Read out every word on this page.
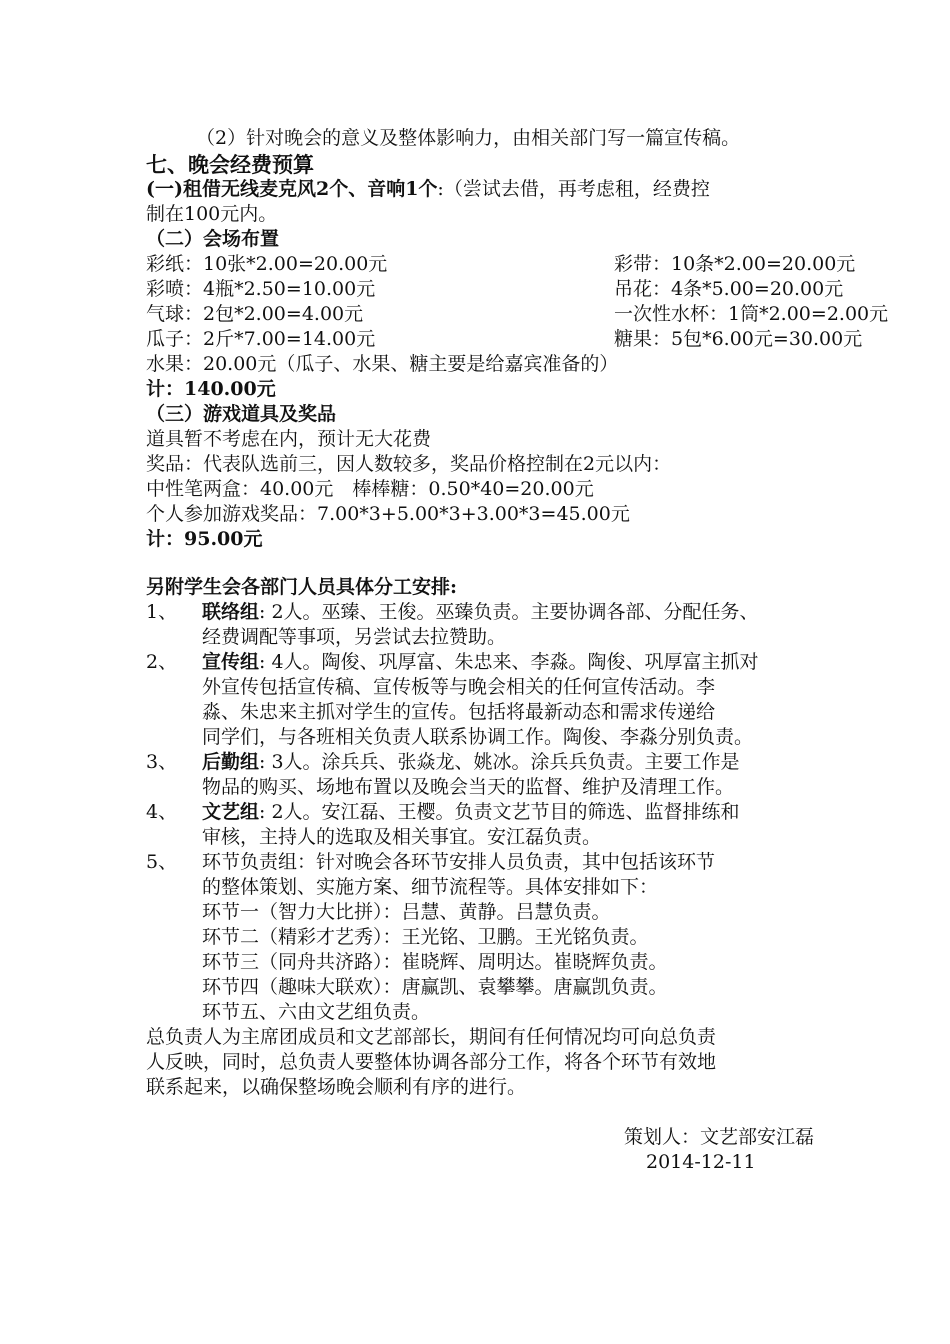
（2）针对晚会的意义及整体影响力，由相关部门写一篇宣传稿。
七、晚会经费预算
(一)租借无线麦克风2个、音响1个:（尝试去借，再考虑租，经费控
制在100元内。
（二）会场布置
彩纸：10张*2.00=20.00元	彩带：10条*2.00=20.00元
彩喷：4瓶*2.50=10.00元	吊花：4条*5.00=20.00元
气球：2包*2.00=4.00元	一次性水杯：1筒*2.00=2.00元
瓜子：2斤*7.00=14.00元	糖果：5包*6.00元=30.00元
水果：20.00元（瓜子、水果、糖主要是给嘉宾准备的）
计：140.00元
（三）游戏道具及奖品
道具暂不考虑在内，预计无大花费
奖品：代表队选前三，因人数较多，奖品价格控制在2元以内：
中性笔两盒：40.00元　棒棒糖：0.50*40=20.00元
个人参加游戏奖品：7.00*3+5.00*3+3.00*3=45.00元
计：95.00元
另附学生会各部门人员具体分工安排:
1、 联络组: 2人。巫臻、王俊。巫臻负责。主要协调各部、分配任务、
经费调配等事项，另尝试去拉赞助。
2、 宣传组: 4人。陶俊、巩厚富、朱忠来、李淼。陶俊、巩厚富主抓对
外宣传包括宣传稿、宣传板等与晚会相关的任何宣传活动。李
淼、朱忠来主抓对学生的宣传。包括将最新动态和需求传递给
同学们，与各班相关负责人联系协调工作。陶俊、李淼分别负责。
3、 后勤组: 3人。涂兵兵、张焱龙、姚冰。涂兵兵负责。主要工作是
物品的购买、场地布置以及晚会当天的监督、维护及清理工作。
4、 文艺组: 2人。安江磊、王樱。负责文艺节目的筛选、监督排练和
审核，主持人的选取及相关事宜。安江磊负责。
5、 环节负责组：针对晚会各环节安排人员负责，其中包括该环节
的整体策划、实施方案、细节流程等。具体安排如下：
环节一（智力大比拼）：吕慧、黄静。吕慧负责。
环节二（精彩才艺秀）：王光铭、卫鹏。王光铭负责。
环节三（同舟共济路）：崔晓辉、周明达。崔晓辉负责。
环节四（趣味大联欢）：唐赢凯、袁攀攀。唐赢凯负责。
环节五、六由文艺组负责。
总负责人为主席团成员和文艺部部长，期间有任何情况均可向总负责
人反映，同时，总负责人要整体协调各部分工作，将各个环节有效地
联系起来，以确保整场晚会顺利有序的进行。
策划人：文艺部安江磊
2014-12-11
